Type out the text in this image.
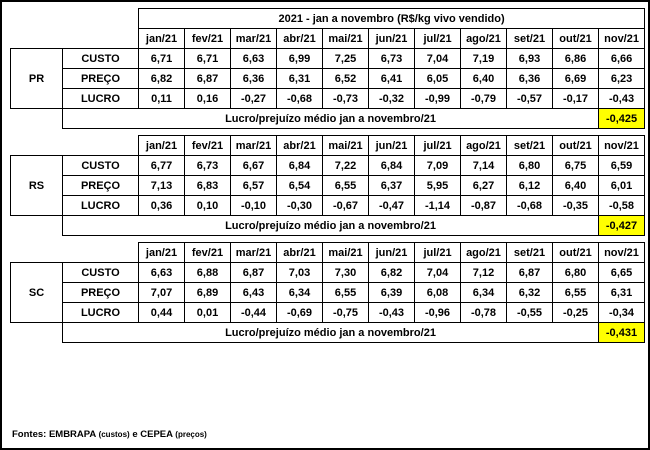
		2021 - jan a novembro (R$/kg vivo vendido)										
		jan/21	fev/21	mar/21	abr/21	mai/21	jun/21	jul/21	ago/21	set/21	out/21	nov/21
PR	CUSTO	6,71	6,71	6,63	6,99	7,25	6,73	7,04	7,19	6,93	6,86	6,66
	PREÇO	6,82	6,87	6,36	6,31	6,52	6,41	6,05	6,40	6,36	6,69	6,23
	LUCRO	0,11	0,16	-0,27	-0,68	-0,73	-0,32	-0,99	-0,79	-0,57	-0,17	-0,43
	Lucro/prejuízo médio jan a novembro/21											-0,425
		jan/21	fev/21	mar/21	abr/21	mai/21	jun/21	jul/21	ago/21	set/21	out/21	nov/21
RS	CUSTO	6,77	6,73	6,67	6,84	7,22	6,84	7,09	7,14	6,80	6,75	6,59
	PREÇO	7,13	6,83	6,57	6,54	6,55	6,37	5,95	6,27	6,12	6,40	6,01
	LUCRO	0,36	0,10	-0,10	-0,30	-0,67	-0,47	-1,14	-0,87	-0,68	-0,35	-0,58
	Lucro/prejuízo médio jan a novembro/21											-0,427
		jan/21	fev/21	mar/21	abr/21	mai/21	jun/21	jul/21	ago/21	set/21	out/21	nov/21
SC	CUSTO	6,63	6,88	6,87	7,03	7,30	6,82	7,04	7,12	6,87	6,80	6,65
	PREÇO	7,07	6,89	6,43	6,34	6,55	6,39	6,08	6,34	6,32	6,55	6,31
	LUCRO	0,44	0,01	-0,44	-0,69	-0,75	-0,43	-0,96	-0,78	-0,55	-0,25	-0,34
	Lucro/prejuízo médio jan a novembro/21											-0,431
Fontes: EMBRAPA (custos) e CEPEA (preços)
